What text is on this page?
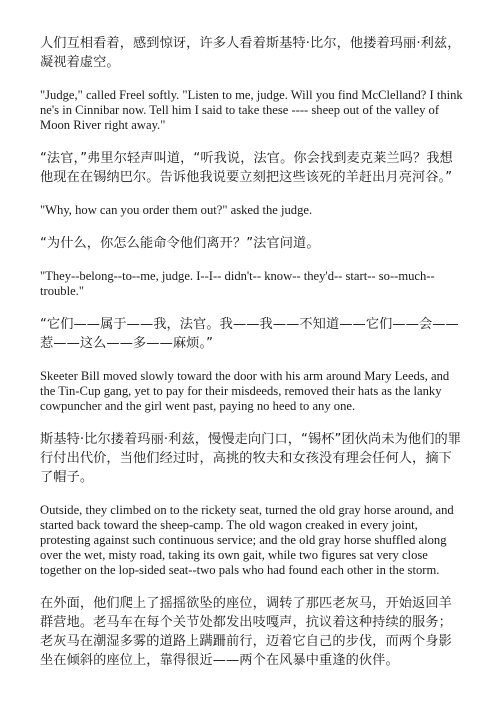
人们互相看着，感到惊讶，许多人看着斯基特·比尔，他搂着玛丽·利兹，凝视着虚空。

"Judge," called Freel softly. "Listen to me, judge. Will you find McClelland? I think ne's in Cinnibar now. Tell him I said to take these ---- sheep out of the valley of Moon River right away."

“法官，”弗里尔轻声叫道，“听我说，法官。你会找到麦克莱兰吗？我想他现在在锡纳巴尔。告诉他我说要立刻把这些该死的羊赶出月亮河谷。”

"Why, how can you order them out?" asked the judge.

“为什么，你怎么能命令他们离开？”法官问道。

"They--belong--to--me, judge. I--I-- didn't-- know-- they'd-- start-- so--much-- trouble."

“它们——属于——我，法官。我——我——不知道——它们——会——惹——这么——多——麻烦。”

Skeeter Bill moved slowly toward the door with his arm around Mary Leeds, and the Tin-Cup gang, yet to pay for their misdeeds, removed their hats as the lanky cowpuncher and the girl went past, paying no heed to any one.

斯基特·比尔搂着玛丽·利兹，慢慢走向门口，“锡杯”团伙尚未为他们的罪行付出代价，当他们经过时，高挑的牧夫和女孩没有理会任何人，摘下了帽子。

Outside, they climbed on to the rickety seat, turned the old gray horse around, and started back toward the sheep-camp. The old wagon creaked in every joint, protesting against such continuous service; and the old gray horse shuffled along over the wet, misty road, taking its own gait, while two figures sat very close together on the lop-sided seat--two pals who had found each other in the storm.

在外面，他们爬上了摇摇欲坠的座位，调转了那匹老灰马，开始返回羊群营地。老马车在每个关节处都发出吱嘎声，抗议着这种持续的服务；老灰马在潮湿多雾的道路上蹒跚前行，迈着它自己的步伐，而两个身影坐在倾斜的座位上，靠得很近——两个在风暴中重逢的伙伴。
